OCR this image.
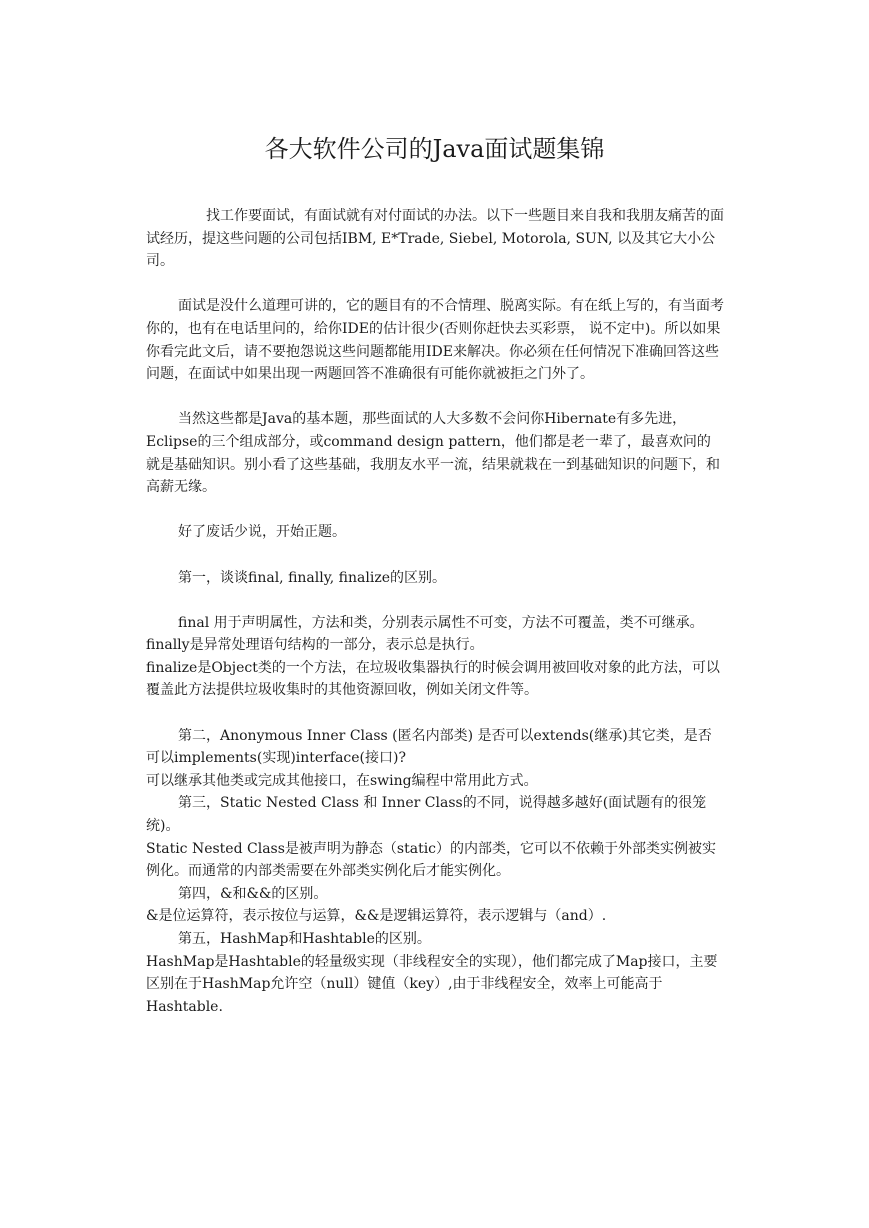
各大软件公司的Java面试题集锦

找工作要面试，有面试就有对付面试的办法。以下一些题目来自我和我朋友痛苦的面试经历，提这些问题的公司包括IBM, E*Trade, Siebel, Motorola, SUN, 以及其它大小公司。

面试是没什么道理可讲的，它的题目有的不合情理、脱离实际。有在纸上写的，有当面考你的，也有在电话里问的，给你IDE的估计很少(否则你赶快去买彩票， 说不定中)。所以如果你看完此文后，请不要抱怨说这些问题都能用IDE来解决。你必须在任何情况下准确回答这些问题，在面试中如果出现一两题回答不准确很有可能你就被拒之门外了。

当然这些都是Java的基本题，那些面试的人大多数不会问你Hibernate有多先进，Eclipse的三个组成部分，或command design pattern，他们都是老一辈了，最喜欢问的就是基础知识。别小看了这些基础，我朋友水平一流，结果就栽在一到基础知识的问题下，和高薪无缘。

好了废话少说，开始正题。

第一，谈谈final, finally, finalize的区别。

final 用于声明属性，方法和类，分别表示属性不可变，方法不可覆盖，类不可继承。

finally是异常处理语句结构的一部分，表示总是执行。

finalize是Object类的一个方法，在垃圾收集器执行的时候会调用被回收对象的此方法，可以覆盖此方法提供垃圾收集时的其他资源回收，例如关闭文件等。

第二，Anonymous Inner Class (匿名内部类) 是否可以extends(继承)其它类，是否可以implements(实现)interface(接口)?

可以继承其他类或完成其他接口，在swing编程中常用此方式。

第三，Static Nested Class 和 Inner Class的不同，说得越多越好(面试题有的很笼统)。

Static Nested Class是被声明为静态（static）的内部类，它可以不依赖于外部类实例被实例化。而通常的内部类需要在外部类实例化后才能实例化。

第四，&和&&的区别。

&是位运算符，表示按位与运算，&&是逻辑运算符，表示逻辑与（and）.

第五，HashMap和Hashtable的区别。

HashMap是Hashtable的轻量级实现（非线程安全的实现），他们都完成了Map接口，主要区别在于HashMap允许空（null）键值（key）,由于非线程安全，效率上可能高于Hashtable.
